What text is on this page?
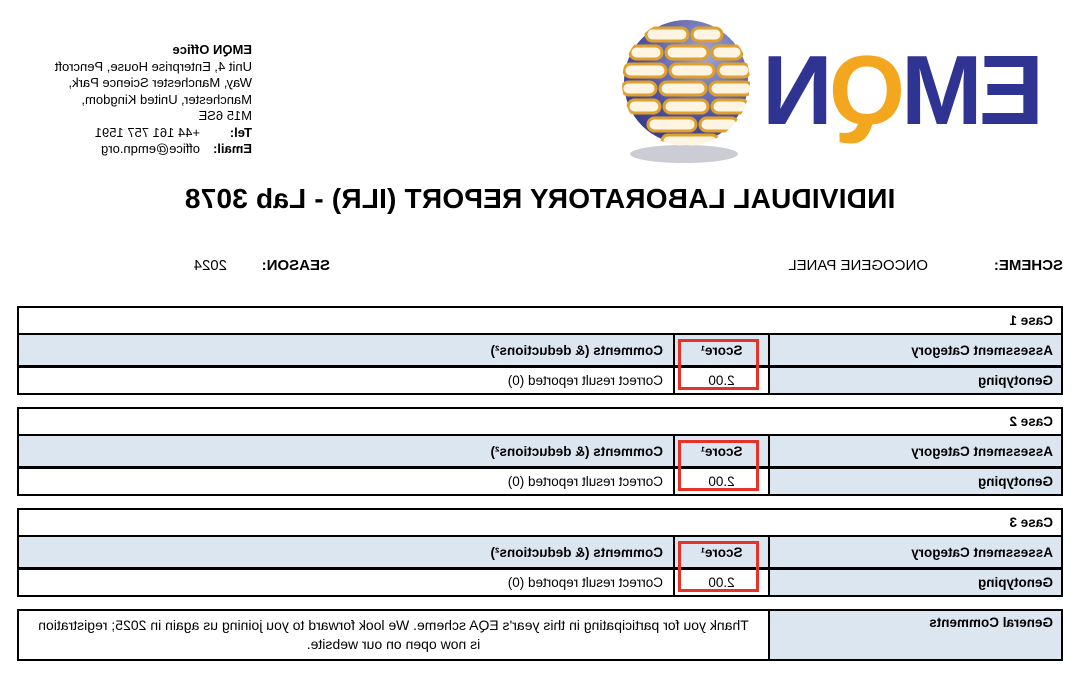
EMQN
EMQN Office
Unit 4, Enterprise House, Pencroft
Way, Manchester Science Park,
Manchester, United Kingdom,
M15 6SE
Tel:
+44 161 757 1591
Email:
office@emqn.org
INDIVIDUAL LABORATORY REPORT (ILR) - Lab 3078
SCHEME:
ONCOGENE PANEL
SEASON:
2024
Case 1
Assessment Category
Score¹
Comments (& deductions²)
Genotyping
2.00
Correct result reported (0)
Case 2
Assessment Category
Score¹
Comments (& deductions²)
Genotyping
2.00
Correct result reported (0)
Case 3
Assessment Category
Score¹
Comments (& deductions²)
Genotyping
2.00
Correct result reported (0)
General Comments
Thank you for participating in this year's EQA scheme. We look forward to you joining us again in 2025; registration is now open on our website.
